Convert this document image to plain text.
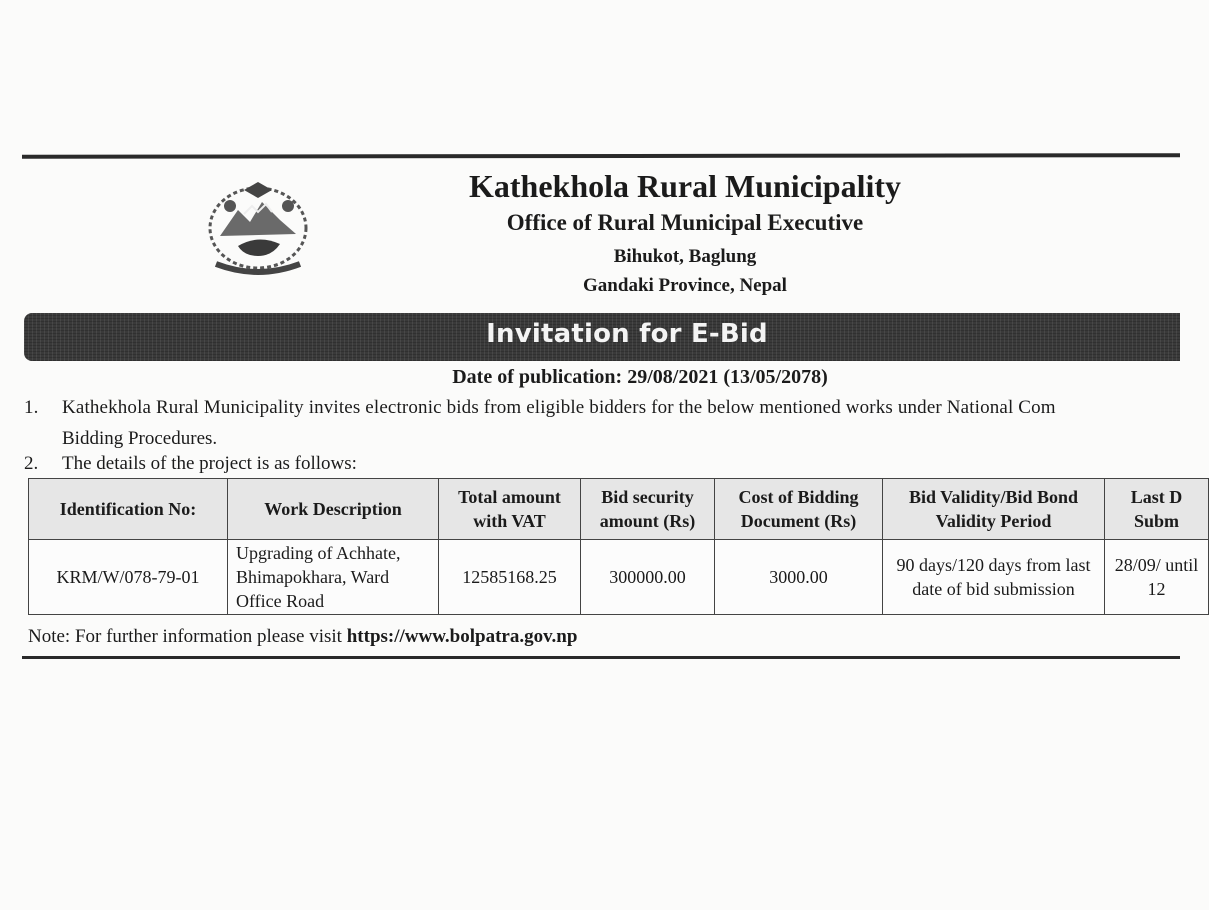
Kathekhola Rural Municipality
Office of Rural Municipal Executive
Bihukot, Baglung
Gandaki Province, Nepal
Invitation for E-Bid
Date of publication: 29/08/2021 (13/05/2078)
1.	Kathekhola Rural Municipality invites electronic bids from eligible bidders for the below mentioned works under National Com
Bidding Procedures.
2.	The details of the project is as follows:
Identification No:	Work Description	Total amount with VAT	Bid security amount (Rs)	Cost of Bidding Document (Rs)	Bid Validity/Bid Bond Validity Period	Last D Subm
KRM/W/078-79-01	Upgrading of Achhate, Bhimapokhara, Ward Office Road	12585168.25	300000.00	3000.00	90 days/120 days from last date of bid submission	28/09/ until 12
Note: For further information please visit https://www.bolpatra.gov.np
